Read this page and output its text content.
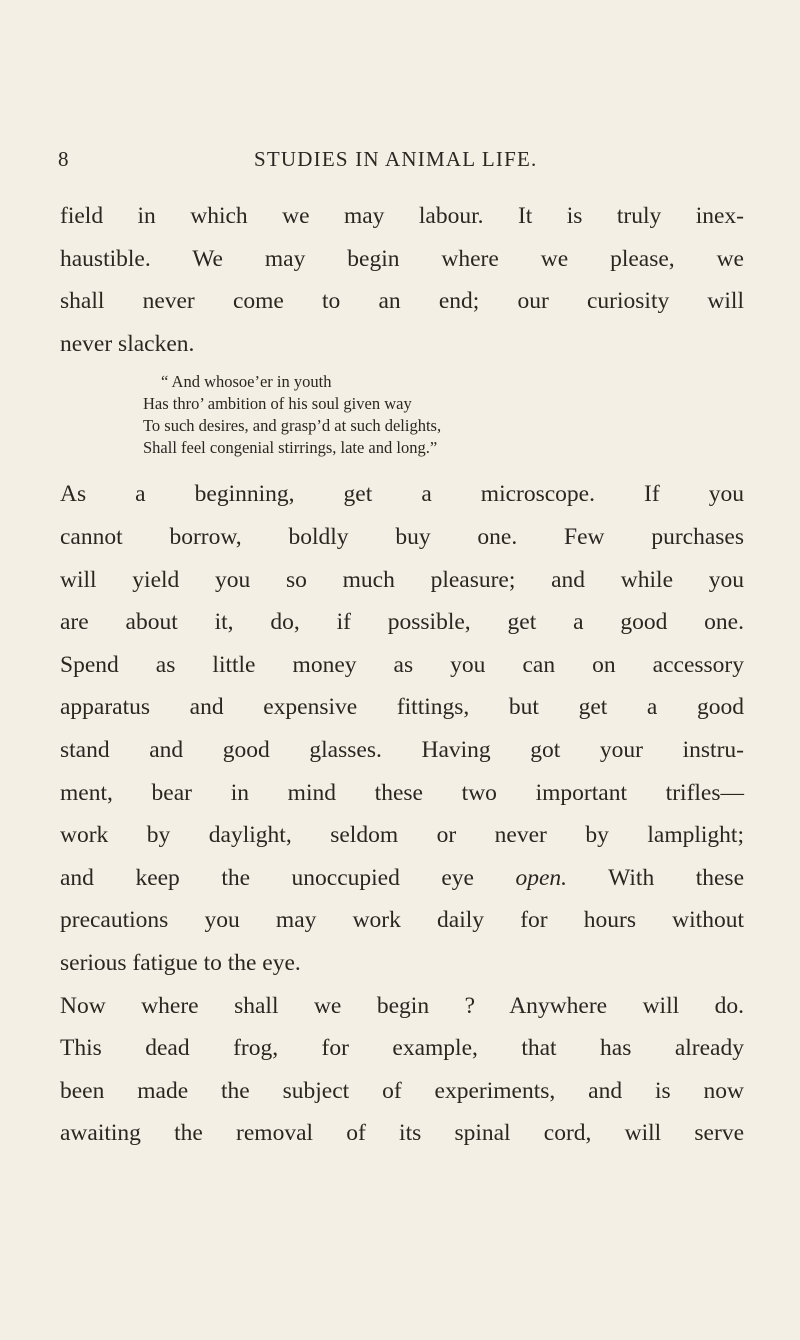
8	STUDIES IN ANIMAL LIFE.

field in which we may labour. It is truly inex-
haustible. We may begin where we please, we
shall never come to an end; our curiosity will
never slacken.

“ And whosoe’er in youth
Has thro’ ambition of his soul given way
To such desires, and grasp’d at such delights,
Shall feel congenial stirrings, late and long.”

As a beginning, get a microscope. If you
cannot borrow, boldly buy one. Few purchases
will yield you so much pleasure; and while you
are about it, do, if possible, get a good one.
Spend as little money as you can on accessory
apparatus and expensive fittings, but get a good
stand and good glasses. Having got your instru-
ment, bear in mind these two important trifles—
work by daylight, seldom or never by lamplight;
and keep the unoccupied eye open. With these
precautions you may work daily for hours without
serious fatigue to the eye.

Now where shall we begin ? Anywhere will do.
This dead frog, for example, that has already
been made the subject of experiments, and is now
awaiting the removal of its spinal cord, will serve
